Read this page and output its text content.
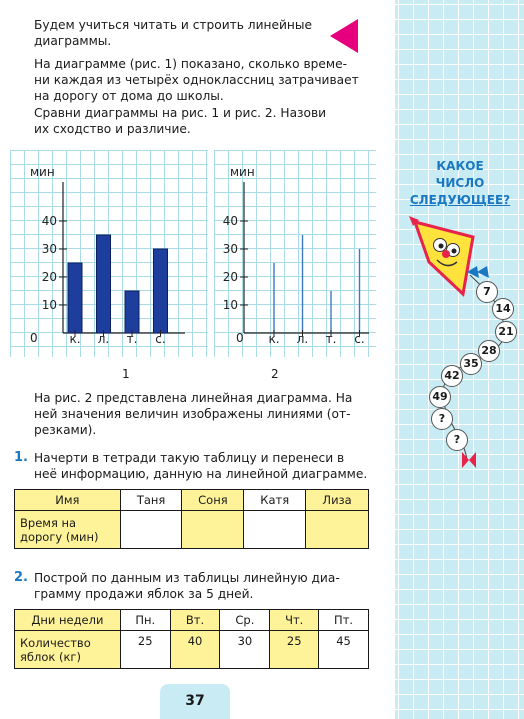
Будем учиться читать и строить линейные
диаграммы.
На диаграмме (рис. 1) показано, сколько време-
ни каждая из четырёх одноклассниц затрачивает
на дорогу от дома до школы.
Сравни диаграммы на рис. 1 и рис. 2. Назови
их сходство и различие.
мин
0
10
20
30
40
к. л. т. с.
мин
0
10
20
30
40
к. л. т. с.
1	2
На рис. 2 представлена линейная диаграмма. На
ней значения величин изображены линиями (от-
резками).
1. Начерти в тетради такую таблицу и перенеси в
неё информацию, данную на линейной диаграмме.
Имя	Таня	Соня	Катя	Лиза

Время на
дорогу (мин)				

2. Построй по данным из таблицы линейную диа-
грамму продажи яблок за 5 дней.
Дни недели	Пн.	Вт.	Ср.	Чт.	Пт.

Количество
яблок (кг)	25	40	30	25	45
37
КАКОЕ
ЧИСЛО
СЛЕДУЮЩЕЕ?
7
14
21
28
35
42
49
?
?
